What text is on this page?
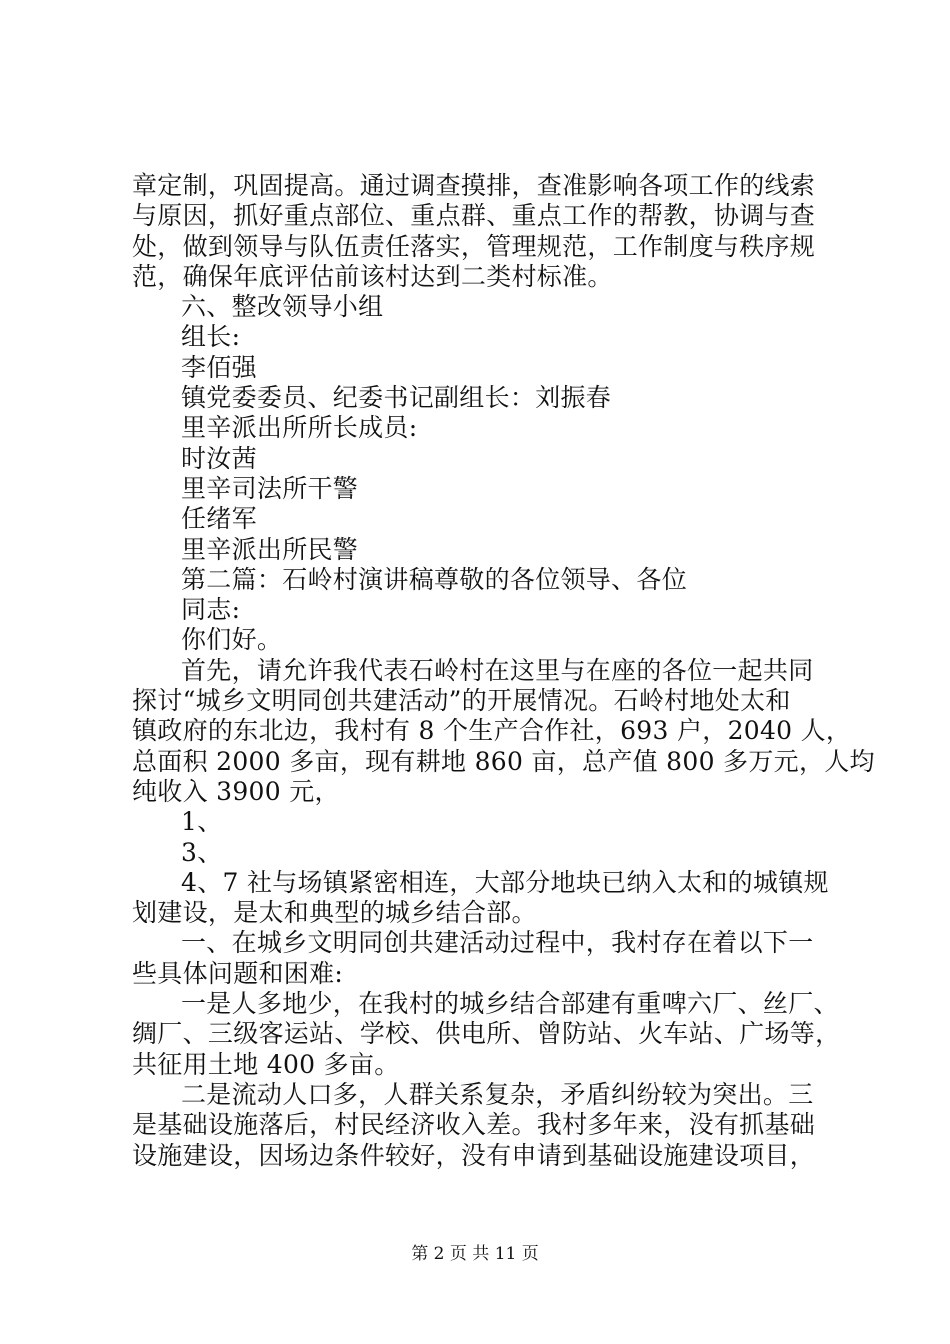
章定制，巩固提高。通过调查摸排，查准影响各项工作的线索
与原因，抓好重点部位、重点群、重点工作的帮教，协调与查
处，做到领导与队伍责任落实，管理规范，工作制度与秩序规
范，确保年底评估前该村达到二类村标准。
六、整改领导小组
组长:
李佰强
镇党委委员、纪委书记副组长：刘振春
里辛派出所所长成员:
时汝茜
里辛司法所干警
任绪军
里辛派出所民警
第二篇：石岭村演讲稿尊敬的各位领导、各位
同志:
你们好。
首先，请允许我代表石岭村在这里与在座的各位一起共同
探讨“城乡文明同创共建活动”的开展情况。石岭村地处太和
镇政府的东北边，我村有 8 个生产合作社，693 户，2040 人，
总面积 2000 多亩，现有耕地 860 亩，总产值 800 多万元，人均
纯收入 3900 元，
1、
3、
4、7 社与场镇紧密相连，大部分地块已纳入太和的城镇规
划建设，是太和典型的城乡结合部。
一、在城乡文明同创共建活动过程中，我村存在着以下一
些具体问题和困难:
一是人多地少，在我村的城乡结合部建有重啤六厂、丝厂、
绸厂、三级客运站、学校、供电所、曾防站、火车站、广场等，
共征用土地 400 多亩。
二是流动人口多，人群关系复杂，矛盾纠纷较为突出。三
是基础设施落后，村民经济收入差。我村多年来，没有抓基础
设施建设，因场边条件较好，没有申请到基础设施建设项目，
第 2 页 共 11 页
